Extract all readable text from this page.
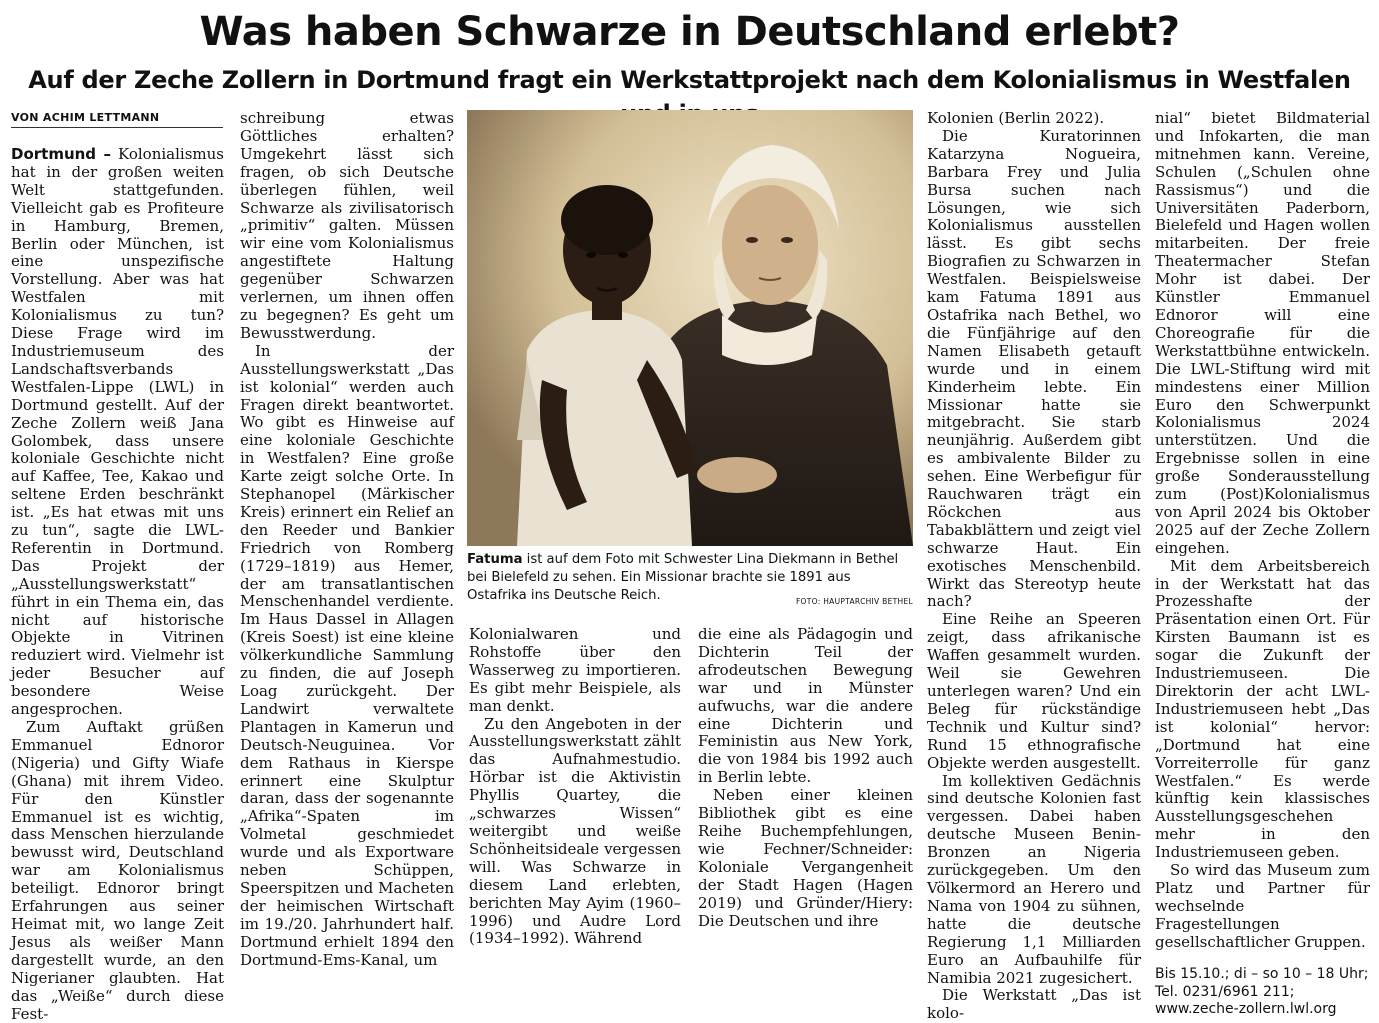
Was haben Schwarze in Deutschland erlebt?
Auf der Zeche Zollern in Dortmund fragt ein Werkstattprojekt nach dem Kolonialismus in Westfalen
VON ACHIM LETTMANN

Dortmund – Kolonialismus hat in der großen weiten Welt stattgefunden. Vielleicht gab es Profiteure in Hamburg, Bremen, Berlin oder München, ist eine unspezifische Vorstellung. Aber was hat Westfalen mit Kolonialismus zu tun? Diese Frage wird im Industriemuseum des Landschaftsverbands Westfalen-Lippe (LWL) in Dortmund gestellt. Auf der Zeche Zollern weiß Jana Golombek, dass unsere koloniale Geschichte nicht auf Kaffee, Tee, Kakao und seltene Erden beschränkt ist. „Es hat etwas mit uns zu tun“, sagte die LWL-Referentin in Dortmund. Das Projekt der „Ausstellungswerkstatt“ führt in ein Thema ein, das nicht auf historische Objekte in Vitrinen reduziert wird. Vielmehr ist jeder Besucher auf besondere Weise angesprochen.

Zum Auftakt grüßen Emmanuel Ednoror (Nigeria) und Gifty Wiafe (Ghana) mit ihrem Video. Für den Künstler Emmanuel ist es wichtig, dass Menschen hierzulande bewusst wird, Deutschland war am Kolonialismus beteiligt. Ednoror bringt Erfahrungen aus seiner Heimat mit, wo lange Zeit Jesus als weißer Mann dargestellt wurde, an den Nigerianer glaubten. Hat das „Weiße“ durch diese Fest-

schreibung etwas Göttliches erhalten? Umgekehrt lässt sich fragen, ob sich Deutsche überlegen fühlen, weil Schwarze als zivilisatorisch „primitiv“ galten. Müssen wir eine vom Kolonialismus angestiftete Haltung gegenüber Schwarzen verlernen, um ihnen offen zu begegnen? Es geht um Bewusstwerdung.

In der Ausstellungswerkstatt „Das ist kolonial“ werden auch Fragen direkt beantwortet. Wo gibt es Hinweise auf eine koloniale Geschichte in Westfalen? Eine große Karte zeigt solche Orte. In Stephanopel (Märkischer Kreis) erinnert ein Relief an den Reeder und Bankier Friedrich von Romberg (1729–1819) aus Hemer, der am transatlantischen Menschenhandel verdiente. Im Haus Dassel in Allagen (Kreis Soest) ist eine kleine völkerkundliche Sammlung zu finden, die auf Joseph Loag zurückgeht. Der Landwirt verwaltete Plantagen in Kamerun und Deutsch-Neuguinea. Vor dem Rathaus in Kierspe erinnert eine Skulptur daran, dass der sogenannte „Afrika“-Spaten im Volmetal geschmiedet wurde und als Exportware neben Schüppen, Speerspitzen und Macheten der heimischen Wirtschaft im 19./20. Jahrhundert half. Dortmund erhielt 1894 den Dortmund-Ems-Kanal, um

Fatuma ist auf dem Foto mit Schwester Lina Diekmann in Bethel bei Bielefeld zu sehen. Ein Missionar brachte sie 1891 aus Ostafrika ins Deutsche Reich.	FOTO: HAUPTARCHIV BETHEL

Kolonialwaren und Rohstoffe über den Wasserweg zu importieren. Es gibt mehr Beispiele, als man denkt.

Zu den Angeboten in der Ausstellungswerkstatt zählt das Aufnahmestudio. Hörbar ist die Aktivistin Phyllis Quartey, die „schwarzes Wissen“ weitergibt und weiße Schönheitsideale vergessen will. Was Schwarze in diesem Land erlebten, berichten May Ayim (1960–1996) und Audre Lord (1934–1992). Während

die eine als Pädagogin und Dichterin Teil der afrodeutschen Bewegung war und in Münster aufwuchs, war die andere eine Dichterin und Feministin aus New York, die von 1984 bis 1992 auch in Berlin lebte.

Neben einer kleinen Bibliothek gibt es eine Reihe Buchempfehlungen, wie Fechner/Schneider: Koloniale Vergangenheit der Stadt Hagen (Hagen 2019) und Gründer/Hiery: Die Deutschen und ihre

Kolonien (Berlin 2022).

Die Kuratorinnen Katarzyna Nogueira, Barbara Frey und Julia Bursa suchen nach Lösungen, wie sich Kolonialismus ausstellen lässt. Es gibt sechs Biografien zu Schwarzen in Westfalen. Beispielsweise kam Fatuma 1891 aus Ostafrika nach Bethel, wo die Fünfjährige auf den Namen Elisabeth getauft wurde und in einem Kinderheim lebte. Ein Missionar hatte sie mitgebracht. Sie starb neunjährig. Außerdem gibt es ambivalente Bilder zu sehen. Eine Werbefigur für Rauchwaren trägt ein Röckchen aus Tabakblättern und zeigt viel schwarze Haut. Ein exotisches Menschenbild. Wirkt das Stereotyp heute nach?

Eine Reihe an Speeren zeigt, dass afrikanische Waffen gesammelt wurden. Weil sie Gewehren unterlegen waren? Und ein Beleg für rückständige Technik und Kultur sind? Rund 15 ethnografische Objekte werden ausgestellt.

Im kollektiven Gedächnis sind deutsche Kolonien fast vergessen. Dabei haben deutsche Museen Benin-Bronzen an Nigeria zurückgegeben. Um den Völkermord an Herero und Nama von 1904 zu sühnen, hatte die deutsche Regierung 1,1 Milliarden Euro an Aufbauhilfe für Namibia 2021 zugesichert.

Die Werkstatt „Das ist kolo-

nial“ bietet Bildmaterial und Infokarten, die man mitnehmen kann. Vereine, Schulen („Schulen ohne Rassismus“) und die Universitäten Paderborn, Bielefeld und Hagen wollen mitarbeiten. Der freie Theatermacher Stefan Mohr ist dabei. Der Künstler Emmanuel Ednoror will eine Choreografie für die Werkstattbühne entwickeln. Die LWL-Stiftung wird mit mindestens einer Million Euro den Schwerpunkt Kolonialismus 2024 unterstützen. Und die Ergebnisse sollen in eine große Sonderausstellung zum (Post)Kolonialismus von April 2024 bis Oktober 2025 auf der Zeche Zollern eingehen.

Mit dem Arbeitsbereich in der Werkstatt hat das Prozesshafte der Präsentation einen Ort. Für Kirsten Baumann ist es sogar die Zukunft der Industriemuseen. Die Direktorin der acht LWL-Industriemuseen hebt „Das ist kolonial“ hervor: „Dortmund hat eine Vorreiterrolle für ganz Westfalen.“ Es werde künftig kein klassisches Ausstellungsgeschehen mehr in den Industriemuseen geben.

So wird das Museum zum Platz und Partner für wechselnde Fragestellungen gesellschaftlicher Gruppen.

Bis 15.10.; di – so 10 – 18 Uhr; Tel. 0231/6961 211; www.zeche-zollern.lwl.org
